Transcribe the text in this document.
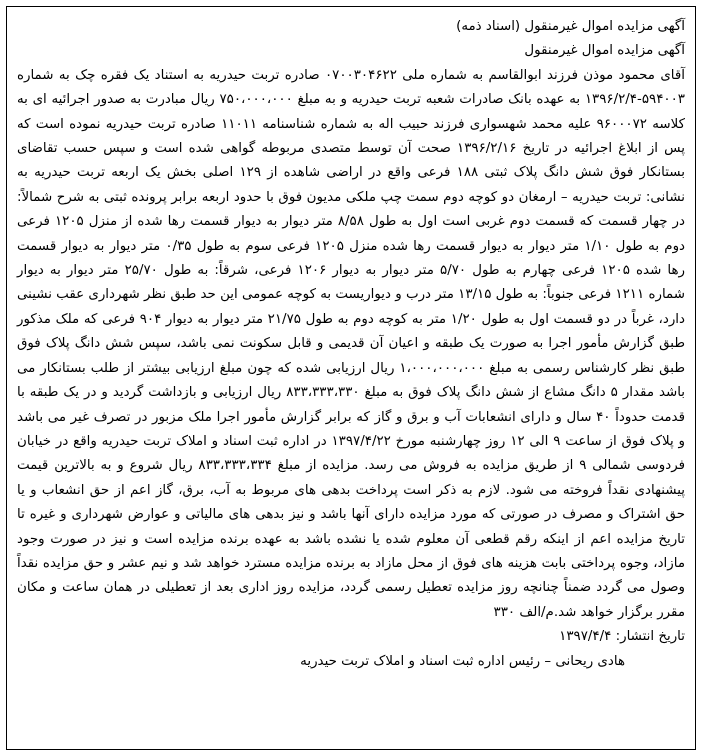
آگهی مزایده اموال غیرمنقول (اسناد ذمه)
آگهی مزایده اموال غیرمنقول

آقای محمود موذن فرزند ابوالقاسم به شماره ملی ۰۷۰۰۳۰۴۶۲۲ صادره تربت حیدریه به استناد یک فقره چک به شماره ۵۹۴۰۰۳-۱۳۹۶/۲/۴ به عهده بانک صادرات شعبه تربت حیدریه و به مبلغ ۷۵۰،۰۰۰،۰۰۰ ریال مبادرت به صدور اجرائیه ای به کلاسه ۹۶۰۰۰۷۲ علیه محمد شهسواری فرزند حبیب اله به شماره شناسنامه ۱۱۰۱۱ صادره تربت حیدریه نموده است که پس از ابلاغ اجرائیه در تاریخ ۱۳۹۶/۲/۱۶ صحت آن توسط متصدی مربوطه گواهی شده است و سپس حسب تقاضای بستانکار فوق شش دانگ پلاک ثبتی ۱۸۸ فرعی واقع در اراضی شاهده از ۱۲۹ اصلی بخش یک اربعه تربت حیدریه به نشانی: تربت حیدریه – ارمغان دو کوچه دوم سمت چپ ملکی مدیون فوق با حدود اربعه برابر پرونده ثبتی به شرح شمالاً: در چهار قسمت که قسمت دوم غربی است اول به طول ۸/۵۸ متر دیوار به دیوار قسمت رها شده از منزل ۱۲۰۵ فرعی دوم به طول ۱/۱۰ متر دیوار به دیوار قسمت رها شده منزل ۱۲۰۵ فرعی سوم به طول ۰/۳۵ متر دیوار به دیوار قسمت رها شده ۱۲۰۵ فرعی چهارم به طول ۵/۷۰ متر دیوار به دیوار ۱۲۰۶ فرعی، شرقاً: به طول ۲۵/۷۰ متر دیوار به دیوار شماره ۱۲۱۱ فرعی جنوباً: به طول ۱۳/۱۵ متر درب و دیواریست به کوچه عمومی این حد طبق نظر شهرداری عقب نشینی دارد، غرباً در دو قسمت اول به طول ۱/۲۰ متر به کوچه دوم به طول ۲۱/۷۵ متر دیوار به دیوار ۹۰۴ فرعی که ملک مذکور طبق گزارش مأمور اجرا به صورت یک طبقه و اعیان آن قدیمی و قابل سکونت نمی باشد، سپس شش دانگ پلاک فوق طبق نظر کارشناس رسمی به مبلغ ۱،۰۰۰،۰۰۰،۰۰۰ ریال ارزیابی شده که چون مبلغ ارزیابی بیشتر از طلب بستانکار می باشد مقدار ۵ دانگ مشاع از شش دانگ پلاک فوق به مبلغ ۸۳۳،۳۳۳،۳۳۰ ریال ارزیابی و بازداشت گردید و در یک طبقه با قدمت حدوداً ۴۰ سال و دارای انشعابات آب و برق و گاز که برابر گزارش مأمور اجرا ملک مزبور در تصرف غیر می باشد و پلاک فوق از ساعت ۹ الی ۱۲ روز چهارشنبه مورخ ۱۳۹۷/۴/۲۲ در اداره ثبت اسناد و املاک تربت حیدریه واقع در خیابان فردوسی شمالی ۹ از طریق مزایده به فروش می رسد. مزایده از مبلغ ۸۳۳،۳۳۳،۳۳۴ ریال شروع و به بالاترین قیمت پیشنهادی نقداً فروخته می شود. لازم به ذکر است پرداخت بدهی های مربوط به آب، برق، گاز اعم از حق انشعاب و یا حق اشتراک و مصرف در صورتی که مورد مزایده دارای آنها باشد و نیز بدهی های مالیاتی و عوارض شهرداری و غیره تا تاریخ مزایده اعم از اینکه رقم قطعی آن معلوم شده یا نشده باشد به عهده برنده مزایده است و نیز در صورت وجود مازاد، وجوه پرداختی بابت هزینه های فوق از محل مازاد به برنده مزایده مسترد خواهد شد و نیم عشر و حق مزایده نقداً وصول می گردد ضمناً چنانچه روز مزایده تعطیل رسمی گردد، مزایده روز اداری بعد از تعطیلی در همان ساعت و مکان مقرر برگزار خواهد شد.م/الف ۳۳۰

تاریخ انتشار: ۱۳۹۷/۴/۴
هادی ریحانی – رئیس اداره ثبت اسناد و املاک تربت حیدریه
